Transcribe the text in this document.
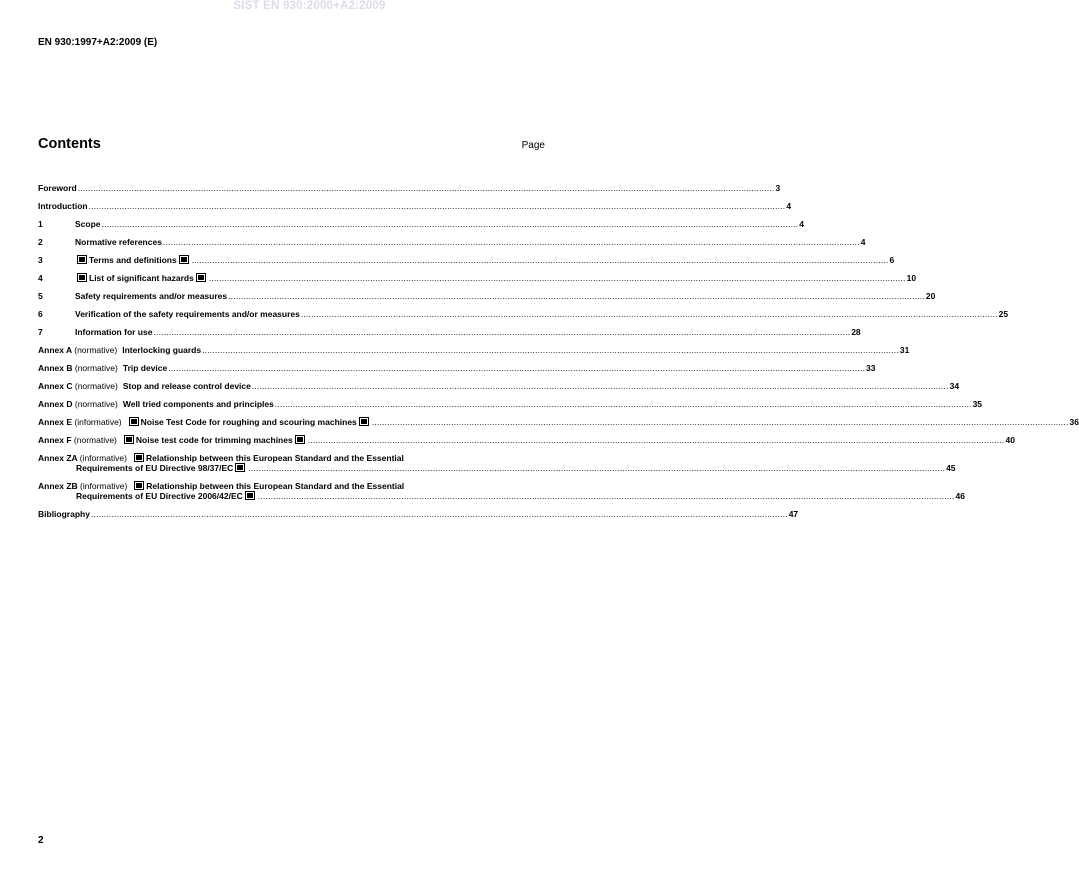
SIST EN 930:2000+A2:2009
EN 930:1997+A2:2009 (E)
Contents	Page
Foreword ................................................................................................................................................................................................................................................................................ 3
Introduction ................................................................................................................................................................................................................................................................................ 4
1	Scope ................................................................................................................................................................................................................................................................................ 4
2	Normative references ................................................................................................................................................................................................................................................................................ 4
3	Terms and definitions	................................................................................................................................................................................................................................................................................ 6
4	List of significant hazards	................................................................................................................................................................................................................................................................................ 10
5	Safety requirements and/or measures ................................................................................................................................................................................................................................................................................ 20
6	Verification of the safety requirements and/or measures ................................................................................................................................................................................................................................................................................ 25
7	Information for use ................................................................................................................................................................................................................................................................................ 28
Annex A (normative) Interlocking guards ................................................................................................................................................................................................................................................................................ 31
Annex B (normative) Trip device ................................................................................................................................................................................................................................................................................ 33
Annex C (normative) Stop and release control device ................................................................................................................................................................................................................................................................................ 34
Annex D (normative) Well tried components and principles ................................................................................................................................................................................................................................................................................ 35
Annex E (informative) Noise Test Code for roughing and scouring machines	................................................................................................................................................................................................................................................................................ 36
Annex F (normative) Noise test code for trimming machines	................................................................................................................................................................................................................................................................................ 40
Annex ZA (informative) Relationship between this European Standard and the Essential
Requirements of EU Directive 98/37/EC	................................................................................................................................................................................................................................................................................ 45
Annex ZB (informative) Relationship between this European Standard and the Essential
Requirements of EU Directive 2006/42/EC	................................................................................................................................................................................................................................................................................ 46
Bibliography ................................................................................................................................................................................................................................................................................ 47
2
